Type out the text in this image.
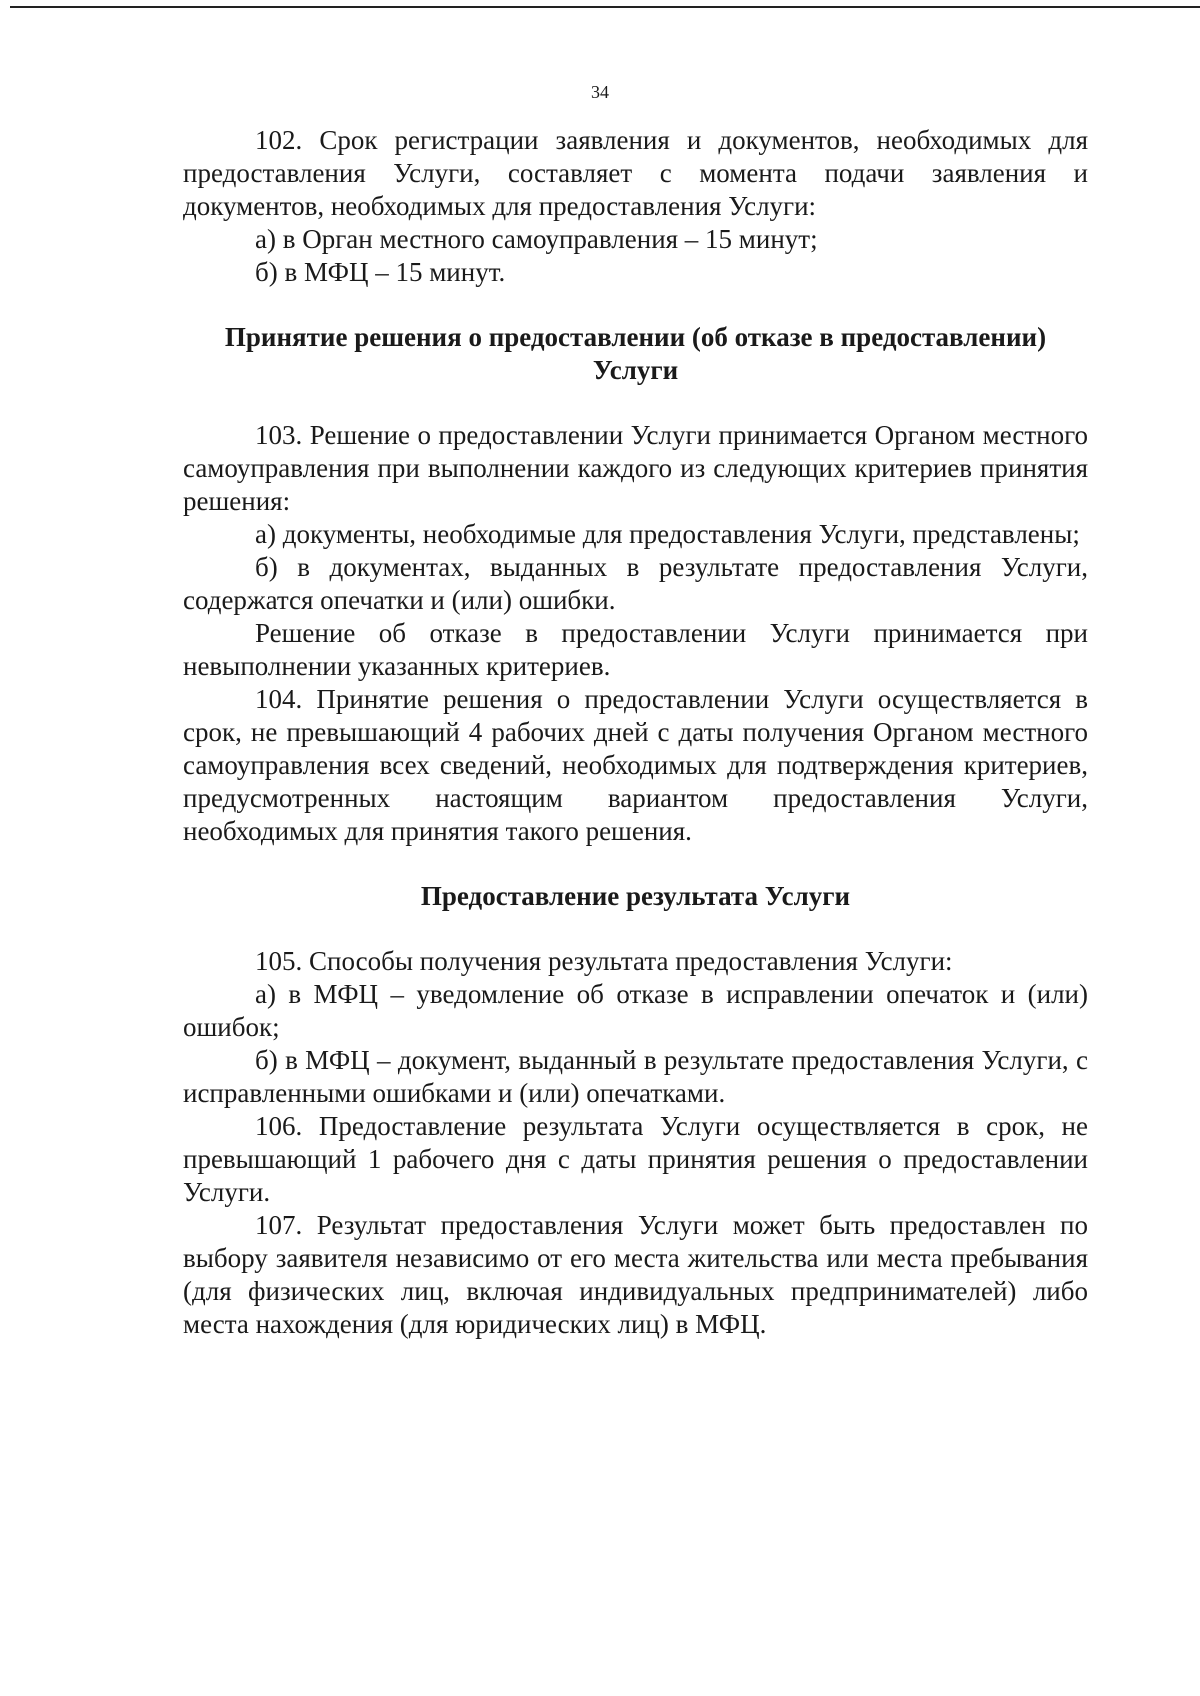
34

102. Срок регистрации заявления и документов, необходимых для предоставления Услуги, составляет с момента подачи заявления и документов, необходимых для предоставления Услуги:

а) в Орган местного самоуправления – 15 минут;

б) в МФЦ – 15 минут.

Принятие решения о предоставлении (об отказе в предоставлении) Услуги

103. Решение о предоставлении Услуги принимается Органом местного самоуправления при выполнении каждого из следующих критериев принятия решения:

а) документы, необходимые для предоставления Услуги, представлены;

б) в документах, выданных в результате предоставления Услуги, содержатся опечатки и (или) ошибки.

Решение об отказе в предоставлении Услуги принимается при невыполнении указанных критериев.

104. Принятие решения о предоставлении Услуги осуществляется в срок, не превышающий 4 рабочих дней с даты получения Органом местного самоуправления всех сведений, необходимых для подтверждения критериев, предусмотренных настоящим вариантом предоставления Услуги, необходимых для принятия такого решения.

Предоставление результата Услуги

105. Способы получения результата предоставления Услуги:

а) в МФЦ – уведомление об отказе в исправлении опечаток и (или) ошибок;

б) в МФЦ – документ, выданный в результате предоставления Услуги, с исправленными ошибками и (или) опечатками.

106. Предоставление результата Услуги осуществляется в срок, не превышающий 1 рабочего дня с даты принятия решения о предоставлении Услуги.

107. Результат предоставления Услуги может быть предоставлен по выбору заявителя независимо от его места жительства или места пребывания (для физических лиц, включая индивидуальных предпринимателей) либо места нахождения (для юридических лиц) в МФЦ.
